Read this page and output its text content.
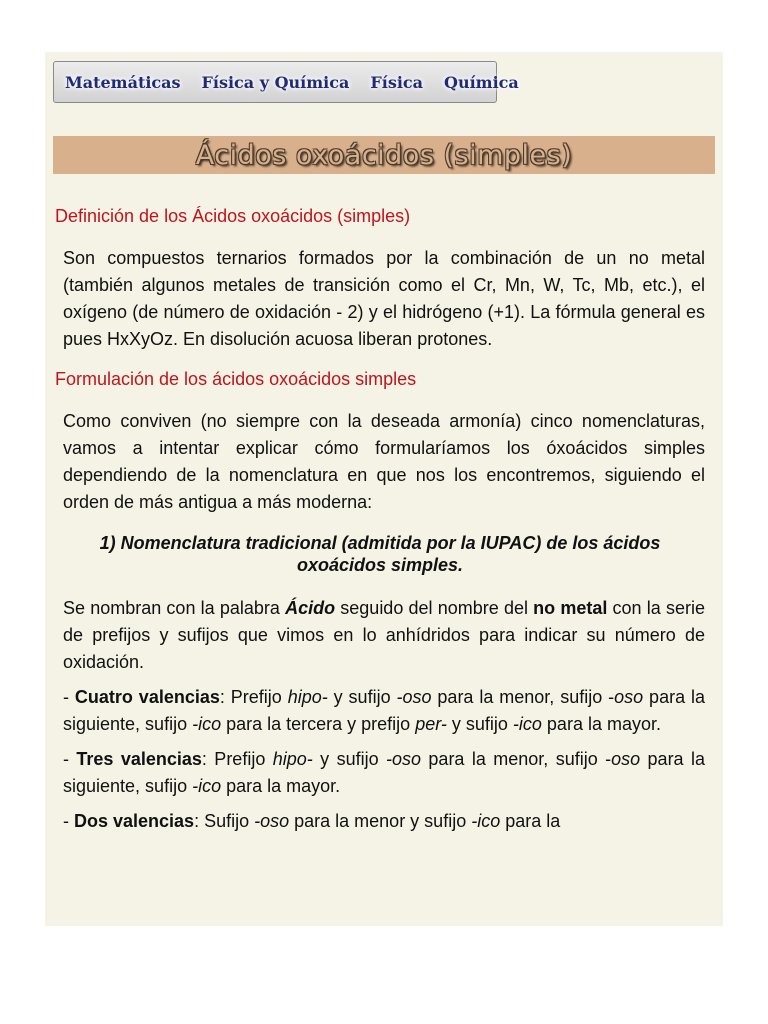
Matemáticas Física y Química Física Química
Ácidos oxoácidos (simples)
Definición de los Ácidos oxoácidos (simples)

Son compuestos ternarios formados por la combinación de un no metal (también algunos metales de transición como el Cr, Mn, W, Tc, Mb, etc.), el oxígeno (de número de oxidación - 2) y el hidrógeno (+1). La fórmula general es pues HxXyOz. En disolución acuosa liberan protones.

Formulación de los ácidos oxoácidos simples

Como conviven (no siempre con la deseada armonía) cinco nomenclaturas, vamos a intentar explicar cómo formularíamos los óxoácidos simples dependiendo de la nomenclatura en que nos los encontremos, siguiendo el orden de más antigua a más moderna:

1) Nomenclatura tradicional (admitida por la IUPAC) de los ácidos oxoácidos simples.

Se nombran con la palabra Ácido seguido del nombre del no metal con la serie de prefijos y sufijos que vimos en lo anhídridos para indicar su número de oxidación.

- Cuatro valencias: Prefijo hipo- y sufijo -oso para la menor, sufijo -oso para la siguiente, sufijo -ico para la tercera y prefijo per- y sufijo -ico para la mayor.

- Tres valencias: Prefijo hipo- y sufijo -oso para la menor, sufijo -oso para la siguiente, sufijo -ico para la mayor.

- Dos valencias: Sufijo -oso para la menor y sufijo -ico para la
